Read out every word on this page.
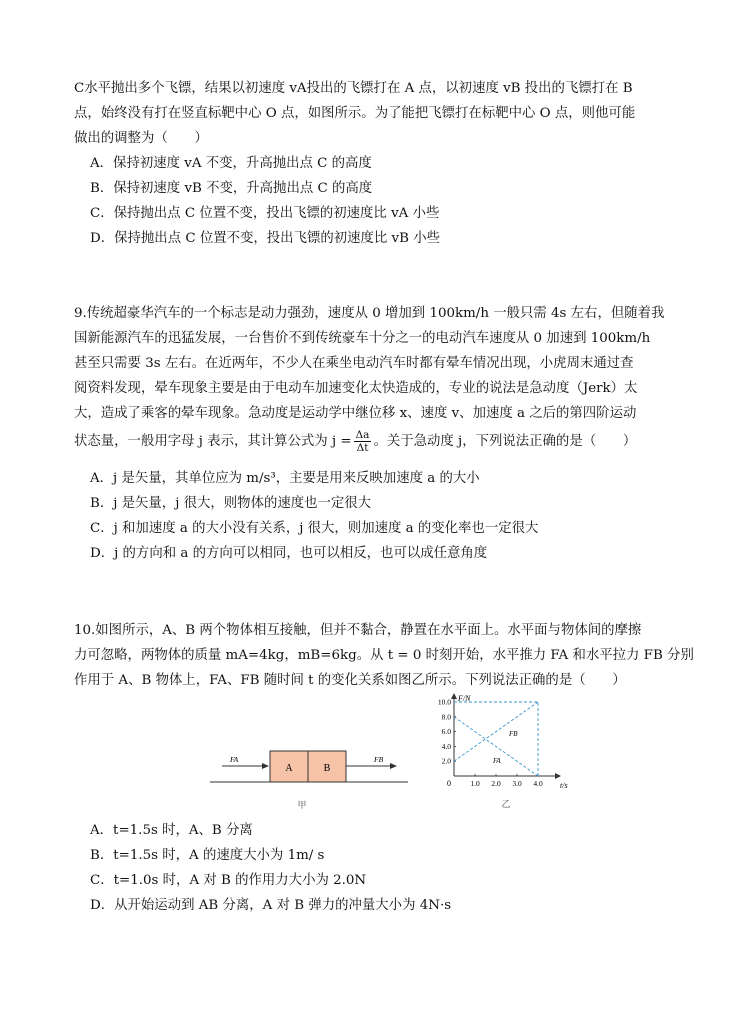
C水平抛出多个飞镖，结果以初速度 vA投出的飞镖打在 A 点，以初速度 vB 投出的飞镖打在 B
点，始终没有打在竖直标靶中心 O 点，如图所示。为了能把飞镖打在标靶中心 O 点，则他可能
做出的调整为（　　）
A．保持初速度 vA 不变，升高抛出点 C 的高度
B．保持初速度 vB 不变，升高抛出点 C 的高度
C．保持抛出点 C 位置不变，投出飞镖的初速度比 vA 小些
D．保持抛出点 C 位置不变，投出飞镖的初速度比 vB 小些
9.传统超豪华汽车的一个标志是动力强劲，速度从 0 增加到 100km/h 一般只需 4s 左右，但随着我
国新能源汽车的迅猛发展，一台售价不到传统豪车十分之一的电动汽车速度从 0 加速到 100km/h
甚至只需要 3s 左右。在近两年，不少人在乘坐电动汽车时都有晕车情况出现，小虎周末通过查
阅资料发现，晕车现象主要是由于电动车加速变化太快造成的，专业的说法是急动度（Jerk）太
大，造成了乘客的晕车现象。急动度是运动学中继位移 x、速度 v、加速度 a 之后的第四阶运动
状态量，一般用字母 j 表示，其计算公式为 $j = \frac{\Delta a}{\Delta t}$ 。关于急动度 j，下列说法正确的是（　　）
A．j 是矢量，其单位应为 m/s³，主要是用来反映加速度 a 的大小
B．j 是矢量，j 很大，则物体的速度也一定很大
C．j 和加速度 a 的大小没有关系，j 很大，则加速度 a 的变化率也一定很大
D．j 的方向和 a 的方向可以相同，也可以相反，也可以成任意角度
10.如图所示，A、B 两个物体相互接触，但并不黏合，静置在水平面上。水平面与物体间的摩擦
力可忽略，两物体的质量 mA=4kg，mB=6kg。从 t = 0 时刻开始，水平推力 FA 和水平拉力 FB 分别
作用于 A、B 物体上，FA、FB 随时间 t 的变化关系如图乙所示。下列说法正确的是（　　）
A	B
FA	FB
甲
1.0 2.0 3.0 4.0
2.0
4.0
6.0
8.0
10.0 F/N
t/s
0
FB
FA
乙
A．t=1.5s 时，A、B 分离
B．t=1.5s 时，A 的速度大小为 1m/ s
C．t=1.0s 时，A 对 B 的作用力大小为 2.0N
D．从开始运动到 AB 分离，A 对 B 弹力的冲量大小为 4N·s
